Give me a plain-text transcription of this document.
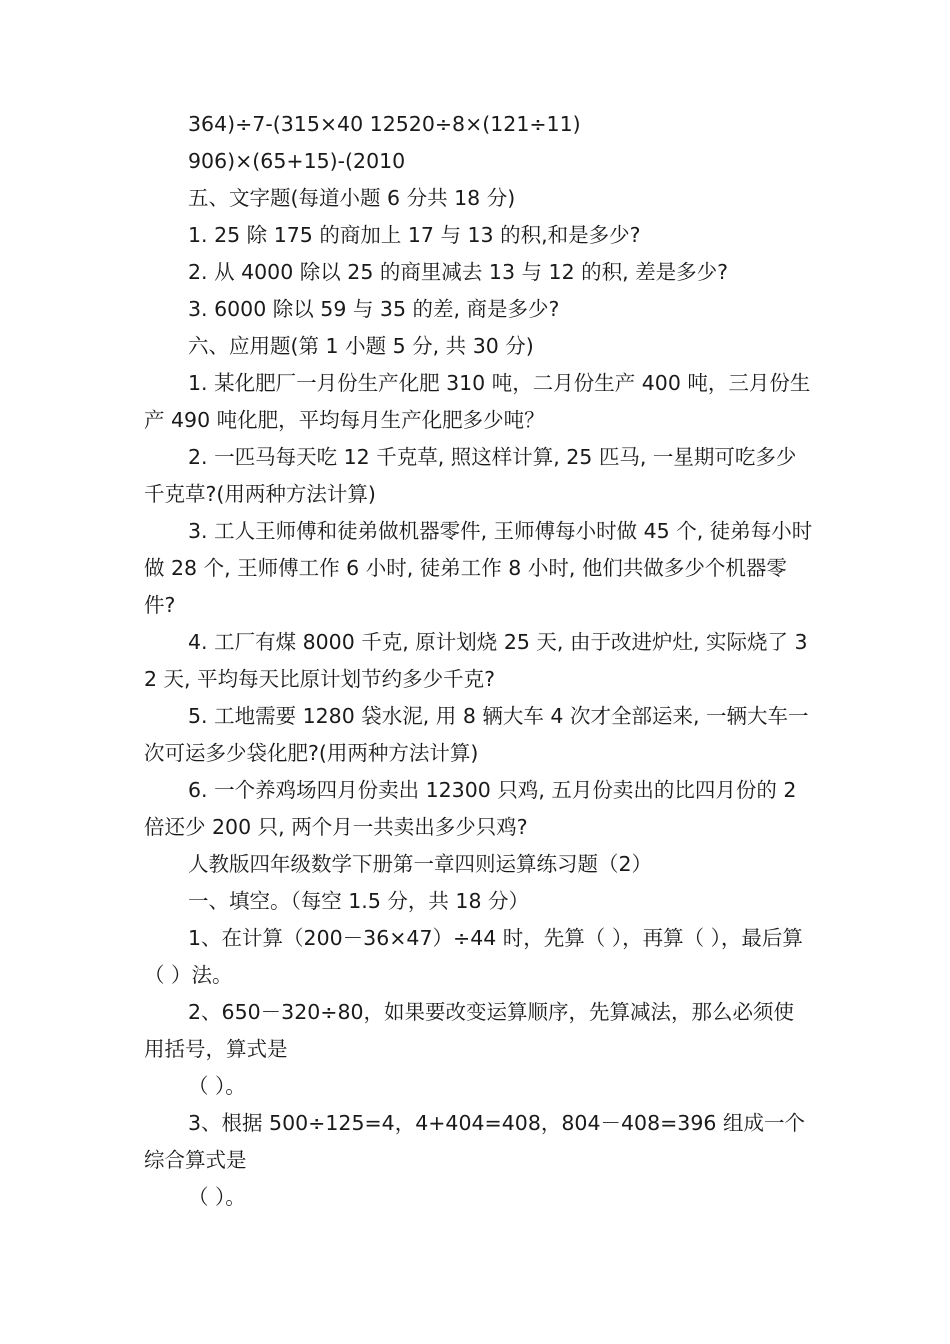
364)÷7-(315×40 12520÷8×(121÷11)

906)×(65+15)-(2010

五、文字题(每道小题 6 分共 18 分)

1. 25 除 175 的商加上 17 与 13 的积,和是多少?

2. 从 4000 除以 25 的商里减去 13 与 12 的积, 差是多少?

3. 6000 除以 59 与 35 的差, 商是多少?

六、应用题(第 1 小题 5 分, 共 30 分)

1. 某化肥厂一月份生产化肥 310 吨，二月份生产 400 吨，三月份生产 490 吨化肥，平均每月生产化肥多少吨？

2. 一匹马每天吃 12 千克草, 照这样计算, 25 匹马, 一星期可吃多少千克草?(用两种方法计算)

3. 工人王师傅和徒弟做机器零件, 王师傅每小时做 45 个, 徒弟每小时做 28 个, 王师傅工作 6 小时, 徒弟工作 8 小时, 他们共做多少个机器零件?

4. 工厂有煤 8000 千克, 原计划烧 25 天, 由于改进炉灶, 实际烧了 32 天, 平均每天比原计划节约多少千克?

5. 工地需要 1280 袋水泥, 用 8 辆大车 4 次才全部运来, 一辆大车一次可运多少袋化肥?(用两种方法计算)

6. 一个养鸡场四月份卖出 12300 只鸡, 五月份卖出的比四月份的 2 倍还少 200 只, 两个月一共卖出多少只鸡?

人教版四年级数学下册第一章四则运算练习题（2）

一、填空。（每空 1.5 分，共 18 分）

1、在计算（200－36×47）÷44 时，先算（ ），再算（ ），最后算（ ）法。

2、650－320÷80，如果要改变运算顺序，先算减法，那么必须使用括号，算式是

（ ）。

3、根据 500÷125=4，4+404=408，804－408=396 组成一个综合算式是

（ ）。
